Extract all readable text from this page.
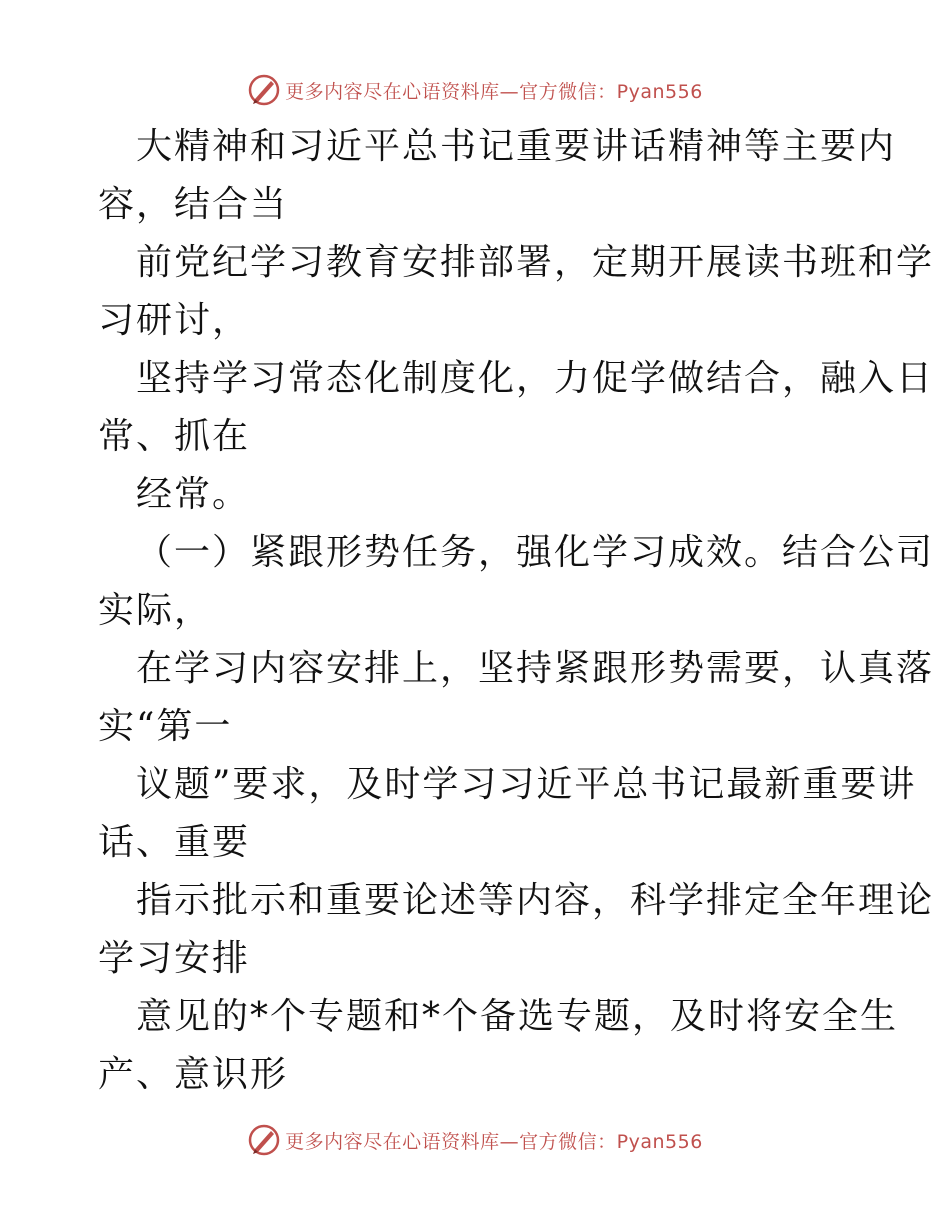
更多内容尽在心语资料库—官方微信：Pyan556
大精神和习近平总书记重要讲话精神等主要内
容，结合当
前党纪学习教育安排部署，定期开展读书班和学
习研讨，
坚持学习常态化制度化，力促学做结合，融入日
常、抓在
经常。
（一）紧跟形势任务，强化学习成效。结合公司
实际，
在学习内容安排上，坚持紧跟形势需要，认真落
实“第一
议题”要求，及时学习习近平总书记最新重要讲
话、重要
指示批示和重要论述等内容，科学排定全年理论
学习安排
意见的*个专题和*个备选专题，及时将安全生
产、意识形
更多内容尽在心语资料库—官方微信：Pyan556
